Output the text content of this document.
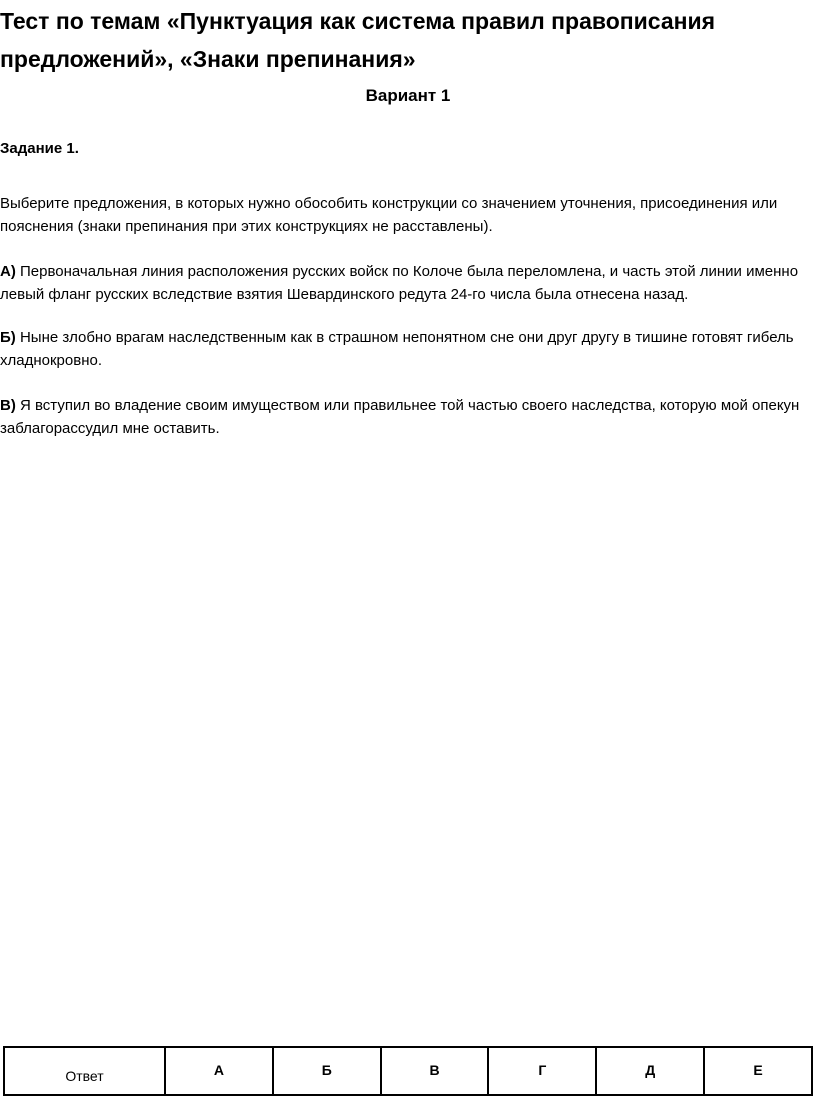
Тест по темам «Пунктуация как система правил правописания предложений», «Знаки препинания»
Вариант 1

Задание 1.

Выберите предложения, в которых нужно обособить конструкции со значением уточнения, присоединения или пояснения (знаки препинания при этих конструкциях не расставлены).

А) Первоначальная линия расположения русских войск по Колоче была переломлена, и часть этой линии именно левый фланг русских вследствие взятия Шевардинского редута 24-го числа была отнесена назад.

Б) Ныне злобно врагам наследственным как в страшном непонятном сне они друг другу в тишине готовят гибель хладнокровно.

В) Я вступил во владение своим имуществом или правильнее той частью своего наследства, которую мой опекун заблагорассудил мне оставить.

Ответ	А	Б	В	Г	Д	Е
